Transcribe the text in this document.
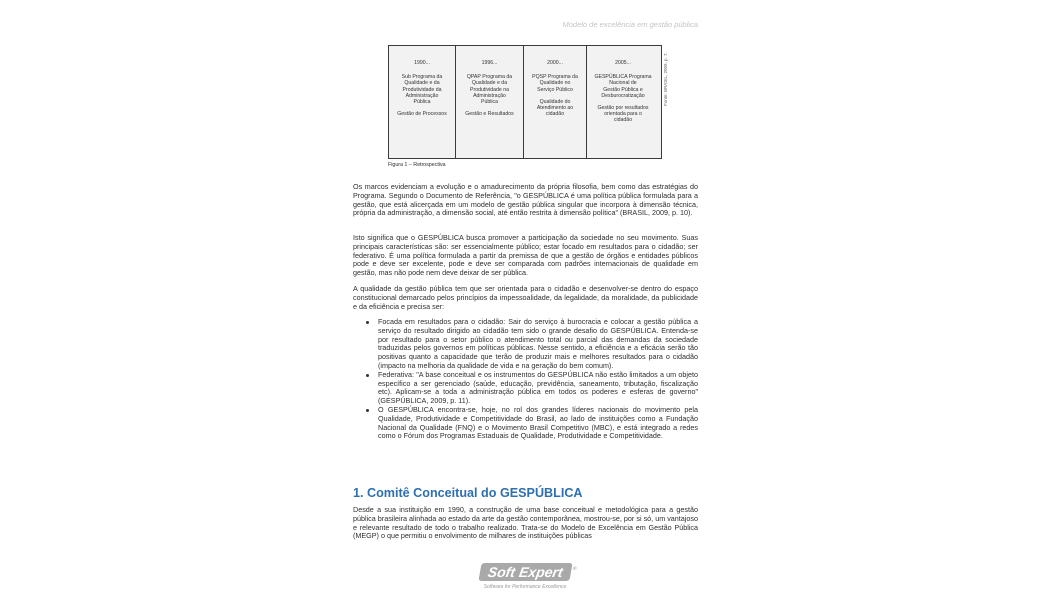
Modelo de excelência em gestão pública
1990...
Sub Programa da
Qualidade e da
Produtividade da
Administração
Pública
Gestão de Processos
1996...
QPAP Programa da
Qualidade e da
Produtividade na
Administração
Pública
Gestão e Resultados
2000...
PQSP Programa da
Qualidade no
Serviço Público
Qualidade do
Atendimento ao
cidadão
2005...
GESPÚBLICA Programa
Nacional de
Gestão Pública e
Desburocratização
Gestão por resultados
orientada para o
cidadão
Fonte: BRASIL, 2009, p. 7.
Figura 1 – Retrospectiva

Os marcos evidenciam a evolução e o amadurecimento da própria filosofia, bem como das estratégias do Programa. Segundo o Documento de Referência, "o GESPÚBLICA é uma política pública formulada para a gestão, que está alicerçada em um modelo de gestão pública singular que incorpora à dimensão técnica, própria da administração, a dimensão social, até então restrita à dimensão política" (BRASIL, 2009, p. 10).

Isto significa que o GESPÚBLICA busca promover a participação da sociedade no seu movimento. Suas principais características são: ser essencialmente público; estar focado em resultados para o cidadão; ser federativo. É uma política formulada a partir da premissa de que a gestão de órgãos e entidades públicos pode e deve ser excelente, pode e deve ser comparada com padrões internacionais de qualidade em gestão, mas não pode nem deve deixar de ser pública.

A qualidade da gestão pública tem que ser orientada para o cidadão e desenvolver-se dentro do espaço constitucional demarcado pelos princípios da impessoalidade, da legalidade, da moralidade, da publicidade e da eficiência e precisa ser:

Focada em resultados para o cidadão: Sair do serviço à burocracia e colocar a gestão pública a serviço do resultado dirigido ao cidadão tem sido o grande desafio do GESPÚBLICA. Entenda-se por resultado para o setor público o atendimento total ou parcial das demandas da sociedade traduzidas pelos governos em políticas públicas. Nesse sentido, a eficiência e a eficácia serão tão positivas quanto a capacidade que terão de produzir mais e melhores resultados para o cidadão (impacto na melhoria da qualidade de vida e na geração do bem comum).
Federativa: "A base conceitual e os instrumentos do GESPÚBLICA não estão limitados a um objeto específico a ser gerenciado (saúde, educação, previdência, saneamento, tributação, fiscalização etc). Aplicam-se a toda a administração pública em todos os poderes e esferas de governo" (GESPÚBLICA, 2009, p. 11).
O GESPÚBLICA encontra-se, hoje, no rol dos grandes líderes nacionais do movimento pela Qualidade, Produtividade e Competitividade do Brasil, ao lado de instituições como a Fundação Nacional da Qualidade (FNQ) e o Movimento Brasil Competitivo (MBC), e está integrado a redes como o Fórum dos Programas Estaduais de Qualidade, Produtividade e Competitividade.
1. Comitê Conceitual do GESPÚBLICA

Desde a sua instituição em 1990, a construção de uma base conceitual e metodológica para a gestão pública brasileira alinhada ao estado da arte da gestão contemporânea, mostrou-se, por si só, um vantajoso e relevante resultado de todo o trabalho realizado. Trata-se do Modelo de Excelência em Gestão Pública (MEGP) o que permitiu o envolvimento de milhares de instituições públicas

SoftExpert ®
Software for Performance Excellence
